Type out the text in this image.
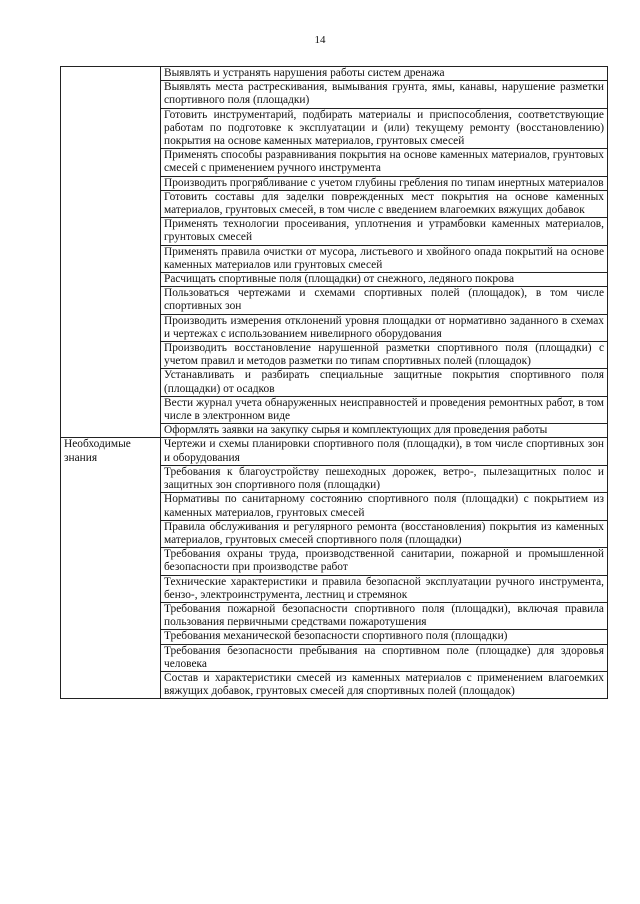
14
	Выявлять и устранять нарушения работы систем дренажа
	Выявлять места растрескивания, вымывания грунта, ямы, канавы, нарушение разметки спортивного поля (площадки)
	Готовить инструментарий, подбирать материалы и приспособления, соответствующие работам по подготовке к эксплуатации и (или) текущему ремонту (восстановлению) покрытия на основе каменных материалов, грунтовых смесей
	Применять способы разравнивания покрытия на основе каменных материалов, грунтовых смесей с применением ручного инструмента
	Производить прогрябливание с учетом глубины гребления по типам инертных материалов
	Готовить составы для заделки поврежденных мест покрытия на основе каменных материалов, грунтовых смесей, в том числе с введением влагоемких вяжущих добавок
	Применять технологии просеивания, уплотнения и утрамбовки каменных материалов, грунтовых смесей
	Применять правила очистки от мусора, листьевого и хвойного опада покрытий на основе каменных материалов или грунтовых смесей
	Расчищать спортивные поля (площадки) от снежного, ледяного покрова
	Пользоваться чертежами и схемами спортивных полей (площадок), в том числе спортивных зон
	Производить измерения отклонений уровня площадки от нормативно заданного в схемах и чертежах с использованием нивелирного оборудования
	Производить восстановление нарушенной разметки спортивного поля (площадки) с учетом правил и методов разметки по типам спортивных полей (площадок)
	Устанавливать и разбирать специальные защитные покрытия спортивного поля (площадки) от осадков
	Вести журнал учета обнаруженных неисправностей и проведения ремонтных работ, в том числе в электронном виде
	Оформлять заявки на закупку сырья и комплектующих для проведения работы
Необходимые знания	Чертежи и схемы планировки спортивного поля (площадки), в том числе спортивных зон и оборудования
	Требования к благоустройству пешеходных дорожек, ветро-, пылезащитных полос и защитных зон спортивного поля (площадки)
	Нормативы по санитарному состоянию спортивного поля (площадки) с покрытием из каменных материалов, грунтовых смесей
	Правила обслуживания и регулярного ремонта (восстановления) покрытия из каменных материалов, грунтовых смесей спортивного поля (площадки)
	Требования охраны труда, производственной санитарии, пожарной и промышленной безопасности при производстве работ
	Технические характеристики и правила безопасной эксплуатации ручного инструмента, бензо-, электроинструмента, лестниц и стремянок
	Требования пожарной безопасности спортивного поля (площадки), включая правила пользования первичными средствами пожаротушения
	Требования механической безопасности спортивного поля (площадки)
	Требования безопасности пребывания на спортивном поле (площадке) для здоровья человека
	Состав и характеристики смесей из каменных материалов с применением влагоемких вяжущих добавок, грунтовых смесей для спортивных полей (площадок)
